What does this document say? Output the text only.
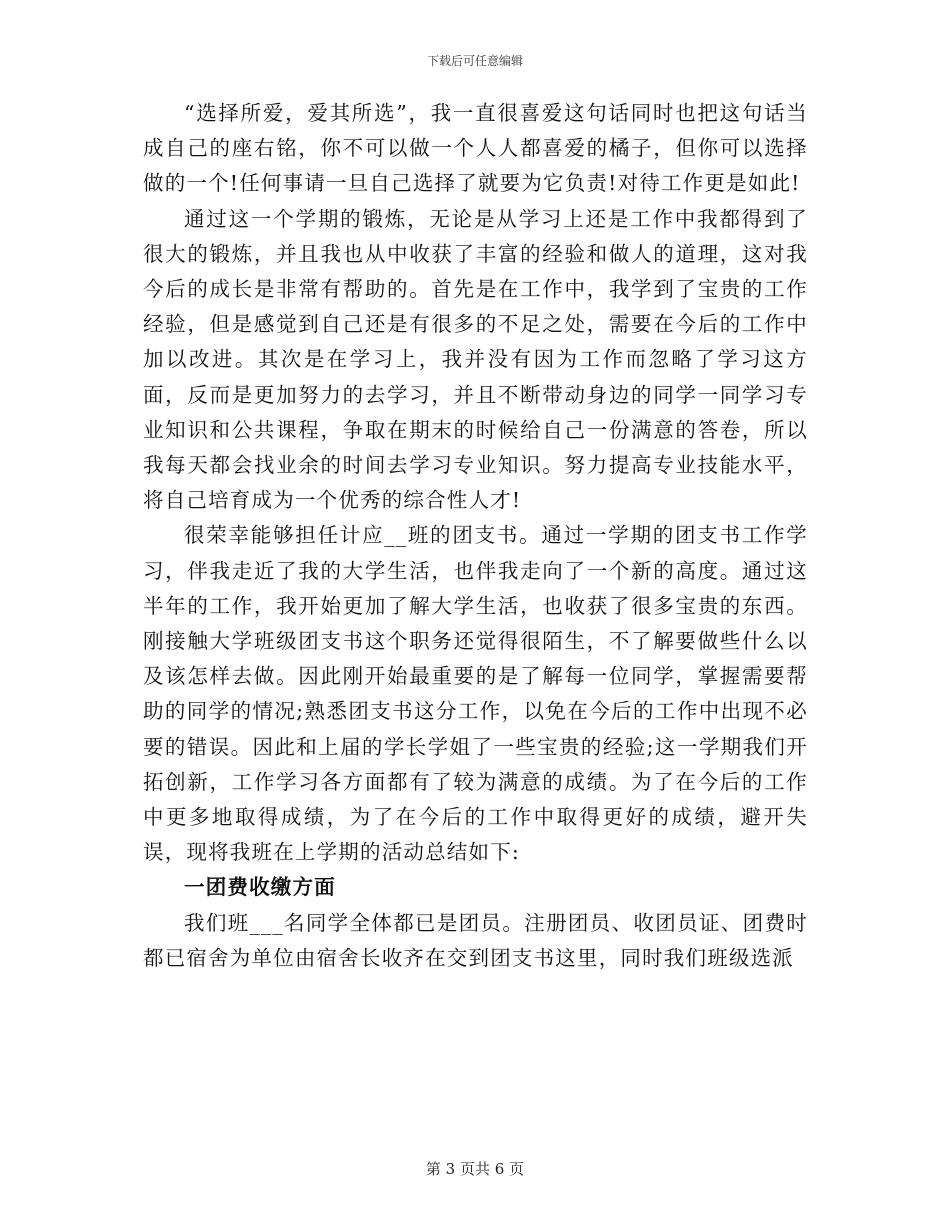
下载后可任意编辑

“选择所爱，爱其所选”，我一直很喜爱这句话同时也把这句话当成自己的座右铭，你不可以做一个人人都喜爱的橘子，但你可以选择做的一个!任何事请一旦自己选择了就要为它负责!对待工作更是如此!

通过这一个学期的锻炼，无论是从学习上还是工作中我都得到了很大的锻炼，并且我也从中收获了丰富的经验和做人的道理，这对我今后的成长是非常有帮助的。首先是在工作中，我学到了宝贵的工作经验，但是感觉到自己还是有很多的不足之处，需要在今后的工作中加以改进。其次是在学习上，我并没有因为工作而忽略了学习这方面，反而是更加努力的去学习，并且不断带动身边的同学一同学习专业知识和公共课程，争取在期末的时候给自己一份满意的答卷，所以我每天都会找业余的时间去学习专业知识。努力提高专业技能水平，将自己培育成为一个优秀的综合性人才!

很荣幸能够担任计应__班的团支书。通过一学期的团支书工作学习，伴我走近了我的大学生活，也伴我走向了一个新的高度。通过这半年的工作，我开始更加了解大学生活，也收获了很多宝贵的东西。刚接触大学班级团支书这个职务还觉得很陌生，不了解要做些什么以及该怎样去做。因此刚开始最重要的是了解每一位同学，掌握需要帮助的同学的情况;熟悉团支书这分工作，以免在今后的工作中出现不必要的错误。因此和上届的学长学姐了一些宝贵的经验;这一学期我们开拓创新，工作学习各方面都有了较为满意的成绩。为了在今后的工作中更多地取得成绩，为了在今后的工作中取得更好的成绩，避开失误，现将我班在上学期的活动总结如下:

一团费收缴方面

我们班___名同学全体都已是团员。注册团员、收团员证、团费时都已宿舍为单位由宿舍长收齐在交到团支书这里，同时我们班级选派

第 3 页共 6 页
